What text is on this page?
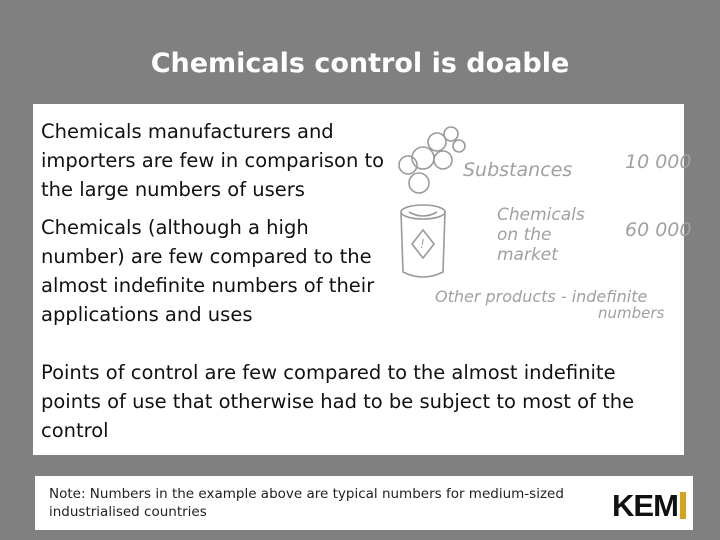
Chemicals control is doable
Chemicals manufacturers and importers are few in comparison to the large numbers of users
Chemicals (although a high number) are few compared to the almost indefinite numbers of their applications and uses
!
Substances	10 000
Chemicals
on the
market
60 000
Other products - indefinite
numbers
Points of control are few compared to the almost indefinite points of use that otherwise had to be subject to most of the control
Note: Numbers in the example above are typical numbers for medium-sized industrialised countries	KEM
